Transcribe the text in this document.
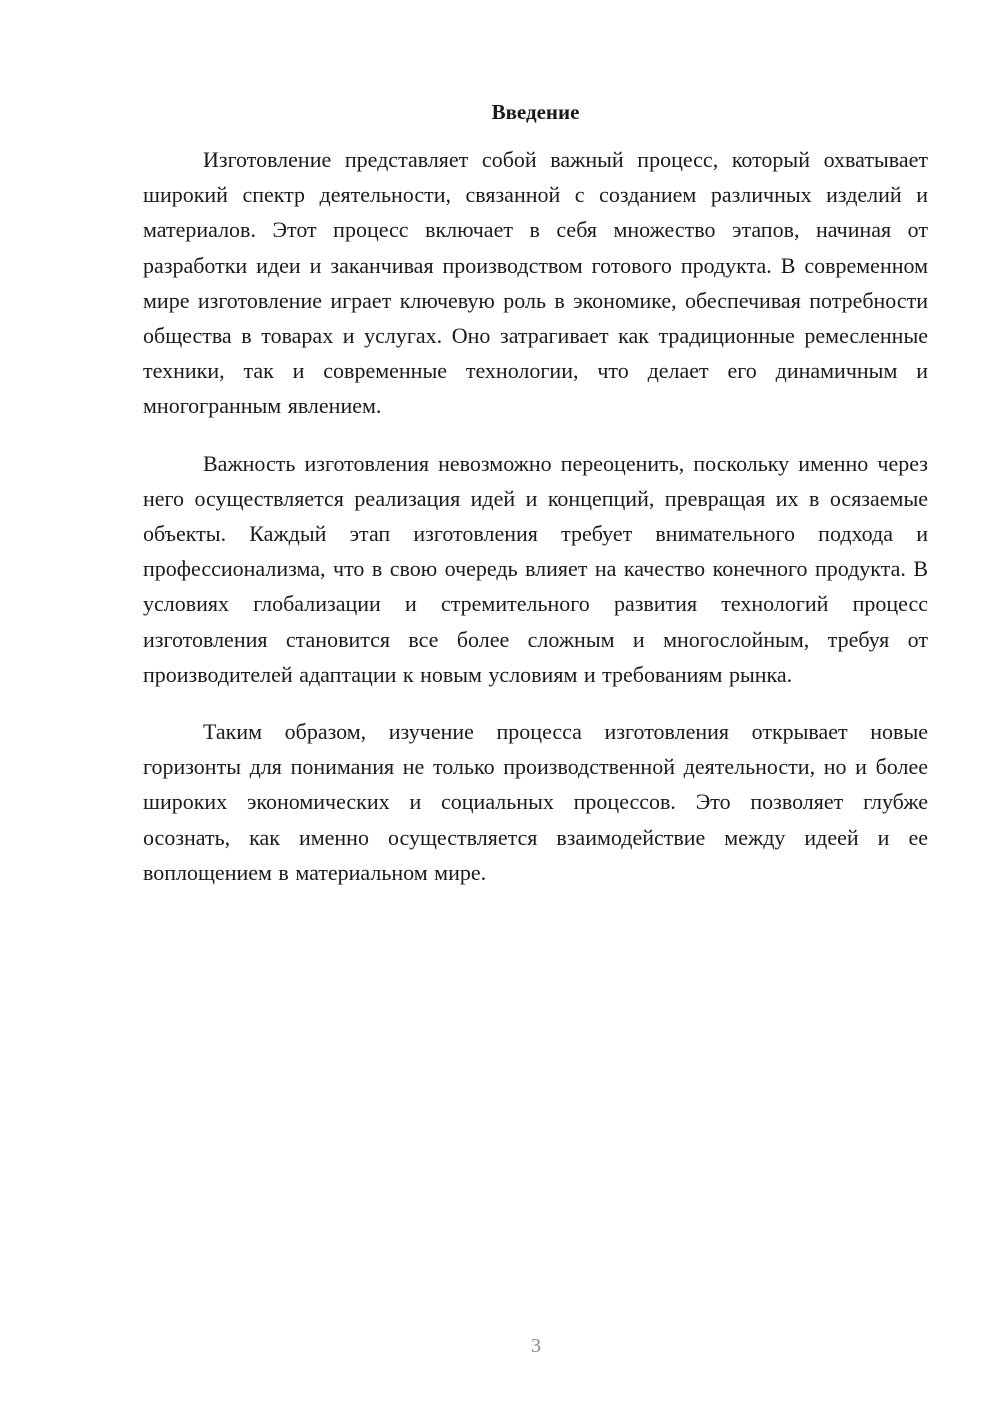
Введение

Изготовление представляет собой важный процесс, который охватывает широкий спектр деятельности, связанной с созданием различных изделий и материалов. Этот процесс включает в себя множество этапов, начиная от разработки идеи и заканчивая производством готового продукта. В современном мире изготовление играет ключевую роль в экономике, обеспечивая потребности общества в товарах и услугах. Оно затрагивает как традиционные ремесленные техники, так и современные технологии, что делает его динамичным и многогранным явлением.

Важность изготовления невозможно переоценить, поскольку именно через него осуществляется реализация идей и концепций, превращая их в осязаемые объекты. Каждый этап изготовления требует внимательного подхода и профессионализма, что в свою очередь влияет на качество конечного продукта. В условиях глобализации и стремительного развития технологий процесс изготовления становится все более сложным и многослойным, требуя от производителей адаптации к новым условиям и требованиям рынка.

Таким образом, изучение процесса изготовления открывает новые горизонты для понимания не только производственной деятельности, но и более широких экономических и социальных процессов. Это позволяет глубже осознать, как именно осуществляется взаимодействие между идеей и ее воплощением в материальном мире.

3
